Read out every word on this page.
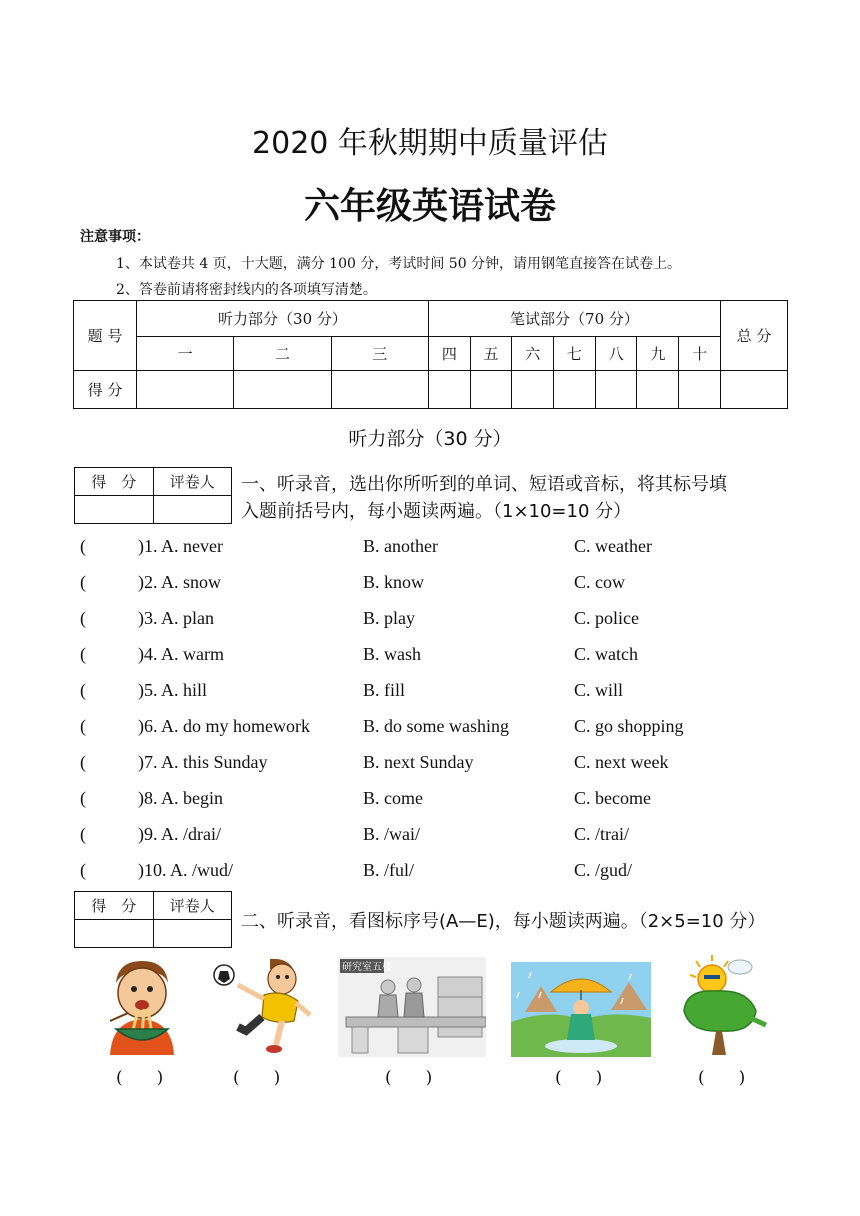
2020 年秋期期中质量评估
六年级英语试卷
注意事项：
1、本试卷共 4 页，十大题，满分 100 分，考试时间 50 分钟，请用钢笔直接答在试卷上。
2、答卷前请将密封线内的各项填写清楚。
题 号	听力部分（30 分）			笔试部分（70 分）							总 分
	一	二	三	四	五	六	七	八	九	十	
得 分											
听力部分（30 分）
得　分	评卷人
	一、听录音，选出你所听到的单词、短语或音标，将其标号填
入题前括号内，每小题读两遍。（1×10=10 分）
(	)1. A. never	B. another	C. weather
(	)2. A. snow	B. know	C. cow
(	)3. A. plan	B. play	C. police
(	)4. A. warm	B. wash	C. watch
(	)5. A. hill	B. fill	C. will
(	)6. A. do my homework	B. do some washing	C. go shopping
(	)7. A. this Sunday	B. next Sunday	C. next week
(	)8. A. begin	B. come	C. become
(	)9. A. /drai/	B. /wai/	C. /trai/
(	)10. A. /wud/	B. /ful/	C. /gud/
得　分	评卷人

二、听录音，看图标序号(A—E)，每小题读两遍。（2×5=10 分）
研究室五楼
(　　)	(　　)	(　　)	(　　)	(　　)
